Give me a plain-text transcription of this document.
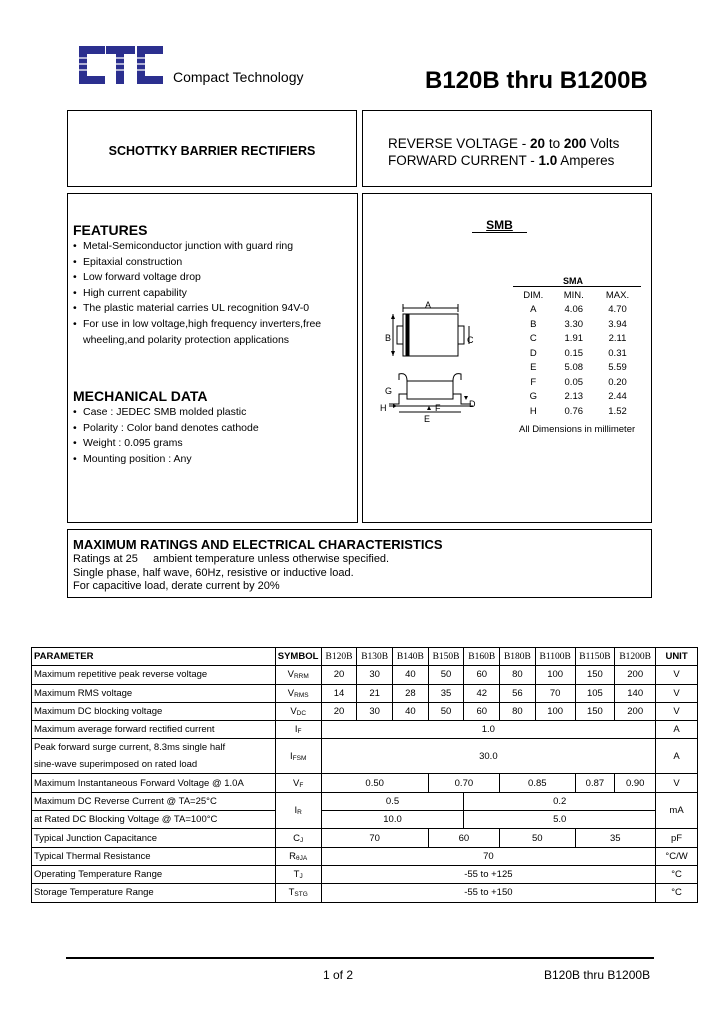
Compact Technology	B120B thru B1200B
SCHOTTKY BARRIER RECTIFIERS	REVERSE VOLTAGE - 20 to 200 Volts
FORWARD CURRENT - 1.0 Amperes
FEATURES
• Metal-Semiconductor junction with guard ring
• Epitaxial construction
• Low forward voltage drop
• High current capability
• The plastic material carries UL recognition 94V-0
• For use in low voltage,high frequency inverters,free wheeling,and polarity protection applications
MECHANICAL DATA
• Case : JEDEC SMB molded plastic
• Polarity : Color band denotes cathode
• Weight : 0.095 grams
• Mounting position : Any
SMB
A
B	C
G
H	F	D
E
SMA
DIM.	MIN.	MAX.
A	4.06	4.70
B	3.30	3.94
C	1.91	2.11
D	0.15	0.31
E	5.08	5.59
F	0.05	0.20
G	2.13	2.44
H	0.76	1.52
All Dimensions in millimeter
MAXIMUM RATINGS AND ELECTRICAL CHARACTERISTICS
Ratings at 25     ambient temperature unless otherwise specified.
Single phase, half wave, 60Hz, resistive or inductive load.
For capacitive load, derate current by 20%
PARAMETER	SYMBOL	B120B	B130B	B140B	B150B	B160B	B180B	B1100B	B1150B	B1200B	UNIT
Maximum repetitive peak reverse voltage	VRRM	20	30	40	50	60	80	100	150	200	V
Maximum RMS voltage	VRMS	14	21	28	35	42	56	70	105	140	V
Maximum DC blocking voltage	VDC	20	30	40	50	60	80	100	150	200	V
Maximum average forward rectified current	IF	1.0									A

Peak forward surge current, 8.3ms single half
sine-wave superimposed on rated load	IFSM	30.0									A
Maximum Instantaneous Forward Voltage @ 1.0A	VF	0.50			0.70		0.85		0.87	0.90	V
Maximum DC Reverse Current @ TA=25°C	IR	0.5				0.2					mA
at Rated DC Blocking Voltage @ TA=100°C		10.0				5.0					
Typical Junction Capacitance	CJ	70			60		50		35		pF
Typical Thermal Resistance	RθJA	70									°C/W
Operating Temperature Range	TJ	-55 to +125									°C
Storage Temperature Range	TSTG	-55 to +150									°C
1 of 2	B120B thru B1200B
